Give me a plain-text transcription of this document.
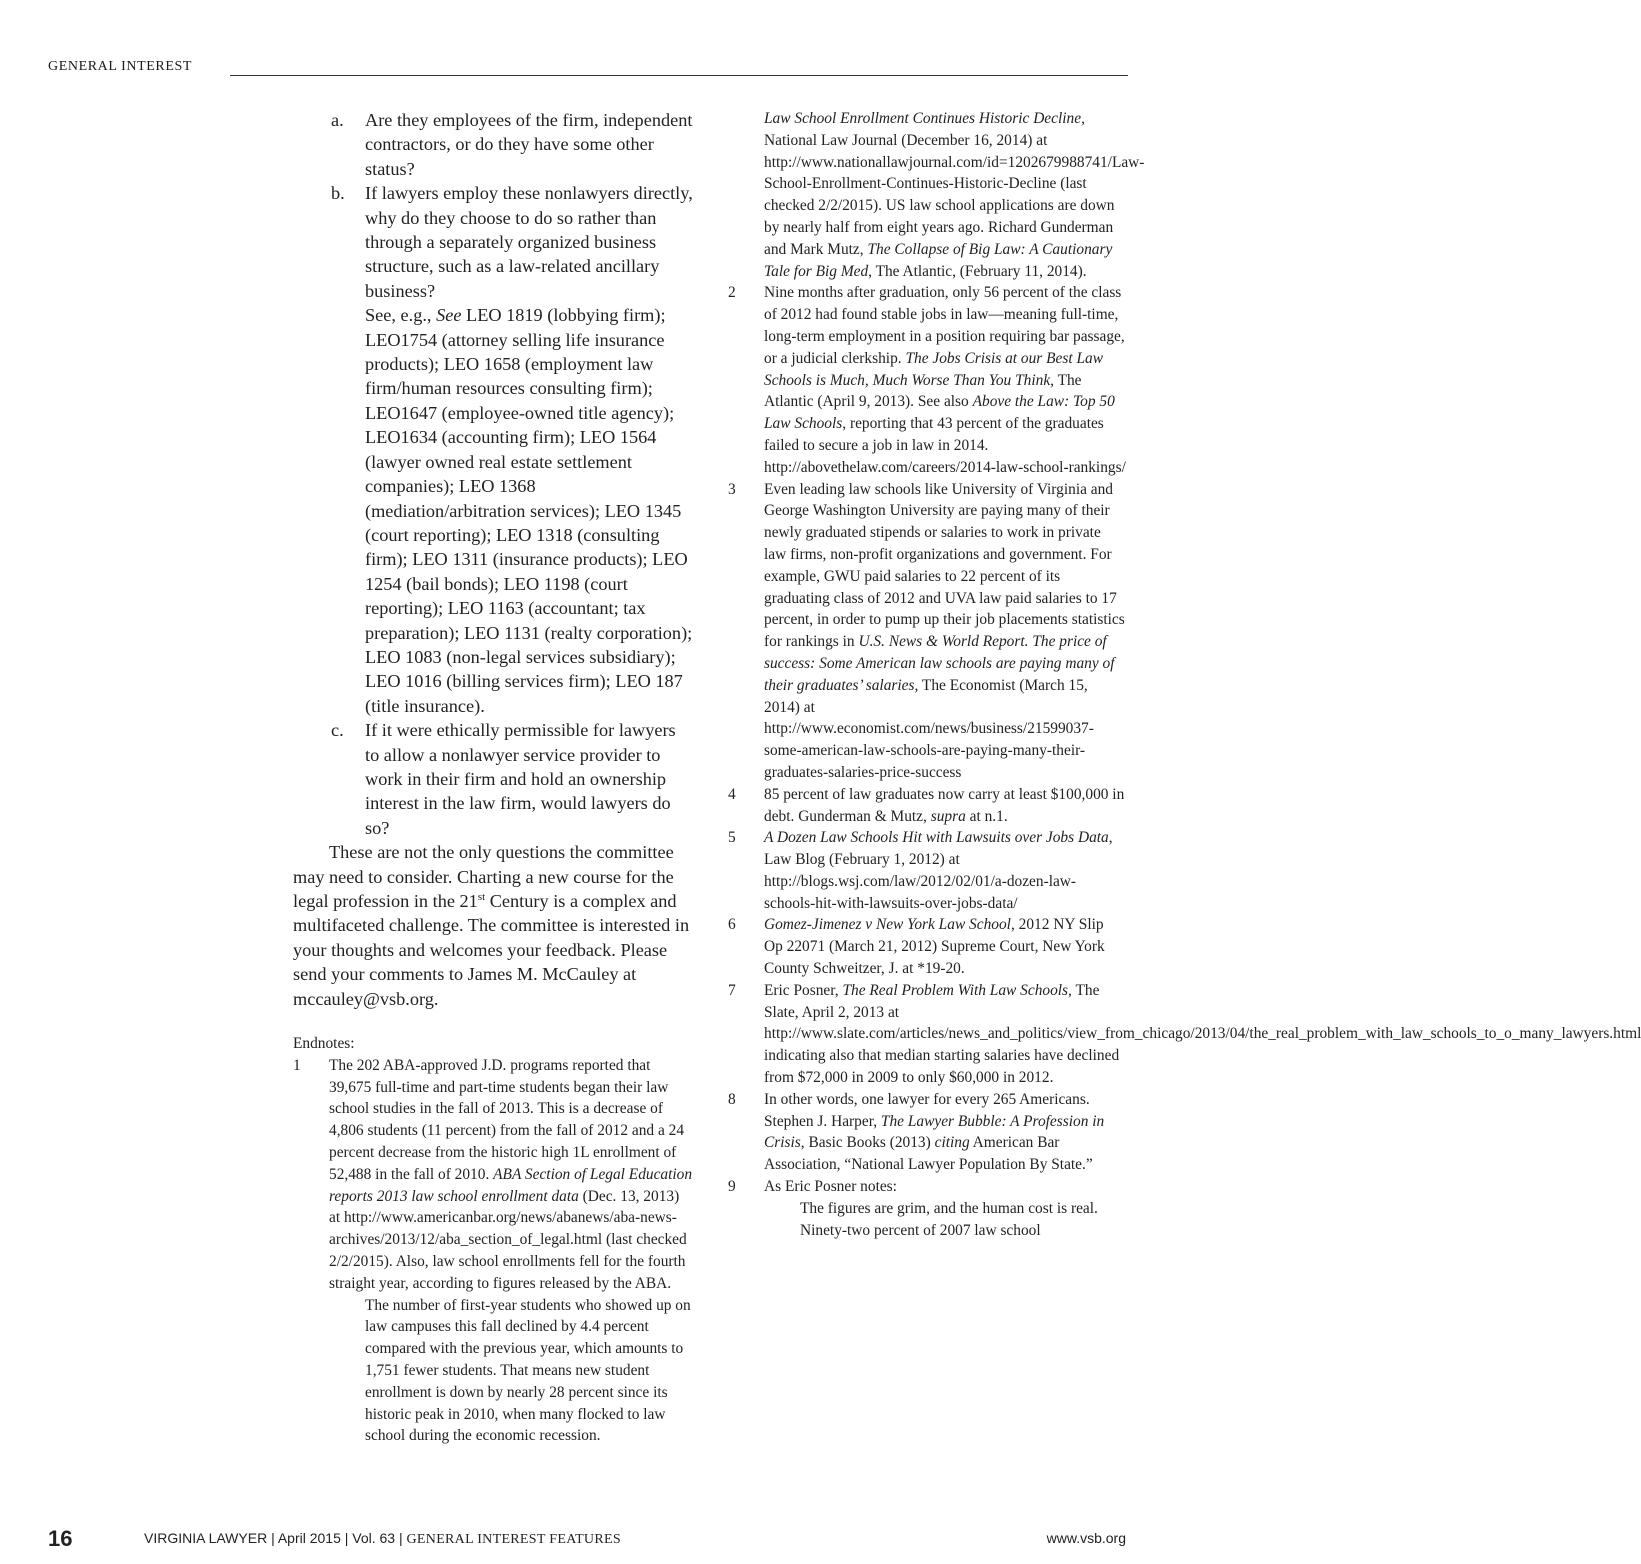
GENERAL INTEREST
a. Are they employees of the firm, independent contractors, or do they have some other status?
b. If lawyers employ these nonlawyers directly, why do they choose to do so rather than through a separately organized business structure, such as a law-related ancillary business?
See, e.g., See LEO 1819 (lobbying firm); LEO1754 (attorney selling life insurance products); LEO 1658 (employment law firm/human resources consulting firm); LEO1647 (employee-owned title agency); LEO1634 (accounting firm); LEO 1564 (lawyer owned real estate settlement companies); LEO 1368 (mediation/arbitration services); LEO 1345 (court reporting); LEO 1318 (consulting firm); LEO 1311 (insurance products); LEO 1254 (bail bonds); LEO 1198 (court reporting); LEO 1163 (accountant; tax preparation); LEO 1131 (realty corporation); LEO 1083 (non-legal services subsidiary); LEO 1016 (billing services firm); LEO 187 (title insurance).
c. If it were ethically permissible for lawyers to allow a nonlawyer service provider to work in their firm and hold an ownership interest in the law firm, would lawyers do so?

These are not the only questions the committee may need to consider. Charting a new course for the legal profession in the 21st Century is a complex and multifaceted challenge. The committee is interested in your thoughts and welcomes your feedback. Please send your comments to James M. McCauley at mccauley@vsb.org.

Endnotes:
1 The 202 ABA-approved J.D. programs reported that 39,675 full-time and part-time students began their law school studies in the fall of 2013. This is a decrease of 4,806 students (11 percent) from the fall of 2012 and a 24 percent decrease from the historic high 1L enrollment of 52,488 in the fall of 2010. ABA Section of Legal Education reports 2013 law school enrollment data (Dec. 13, 2013) at http://www.americanbar.org/news/abanews/aba-news-archives/2013/12/aba_section_of_legal.html (last checked 2/2/2015). Also, law school enrollments fell for the fourth straight year, according to figures released by the ABA.
The number of first-year students who showed up on law campuses this fall declined by 4.4 percent compared with the previous year, which amounts to 1,751 fewer students. That means new student enrollment is down by nearly 28 percent since its historic peak in 2010, when many flocked to law school during the economic recession.
Law School Enrollment Continues Historic Decline, National Law Journal (December 16, 2014) at http://www.nationallawjournal.com/id=1202679988741/Law-School-Enrollment-Continues-Historic-Decline (last checked 2/2/2015). US law school applications are down by nearly half from eight years ago. Richard Gunderman and Mark Mutz, The Collapse of Big Law: A Cautionary Tale for Big Med, The Atlantic, (February 11, 2014).
2 Nine months after graduation, only 56 percent of the class of 2012 had found stable jobs in law—meaning full-time, long-term employment in a position requiring bar passage, or a judicial clerkship. The Jobs Crisis at our Best Law Schools is Much, Much Worse Than You Think, The Atlantic (April 9, 2013). See also Above the Law: Top 50 Law Schools, reporting that 43 percent of the graduates failed to secure a job in law in 2014. http://abovethelaw.com/careers/2014-law-school-rankings/
3 Even leading law schools like University of Virginia and George Washington University are paying many of their newly graduated stipends or salaries to work in private law firms, non-profit organizations and government. For example, GWU paid salaries to 22 percent of its graduating class of 2012 and UVA law paid salaries to 17 percent, in order to pump up their job placements statistics for rankings in U.S. News & World Report. The price of success: Some American law schools are paying many of their graduates’ salaries, The Economist (March 15, 2014) at http://www.economist.com/news/business/21599037-some-american-law-schools-are-paying-many-their-graduates-salaries-price-success
4 85 percent of law graduates now carry at least $100,000 in debt. Gunderman & Mutz, supra at n.1.
5 A Dozen Law Schools Hit with Lawsuits over Jobs Data, Law Blog (February 1, 2012) at http://blogs.wsj.com/law/2012/02/01/a-dozen-law-schools-hit-with-lawsuits-over-jobs-data/
6 Gomez-Jimenez v New York Law School, 2012 NY Slip Op 22071 (March 21, 2012) Supreme Court, New York County Schweitzer, J. at *19-20.
7 Eric Posner, The Real Problem With Law Schools, The Slate, April 2, 2013 at http://www.slate.com/articles/news_and_politics/view_from_chicago/2013/04/the_real_problem_with_law_schools_to_o_many_lawyers.html indicating also that median starting salaries have declined from $72,000 in 2009 to only $60,000 in 2012.
8 In other words, one lawyer for every 265 Americans. Stephen J. Harper, The Lawyer Bubble: A Profession in Crisis, Basic Books (2013) citing American Bar Association, “National Lawyer Population By State.”
9 As Eric Posner notes:
The figures are grim, and the human cost is real. Ninety-two percent of 2007 law school
16	VIRGINIA LAWYER | April 2015 | Vol. 63 | GENERAL INTEREST FEATURES	www.vsb.org
